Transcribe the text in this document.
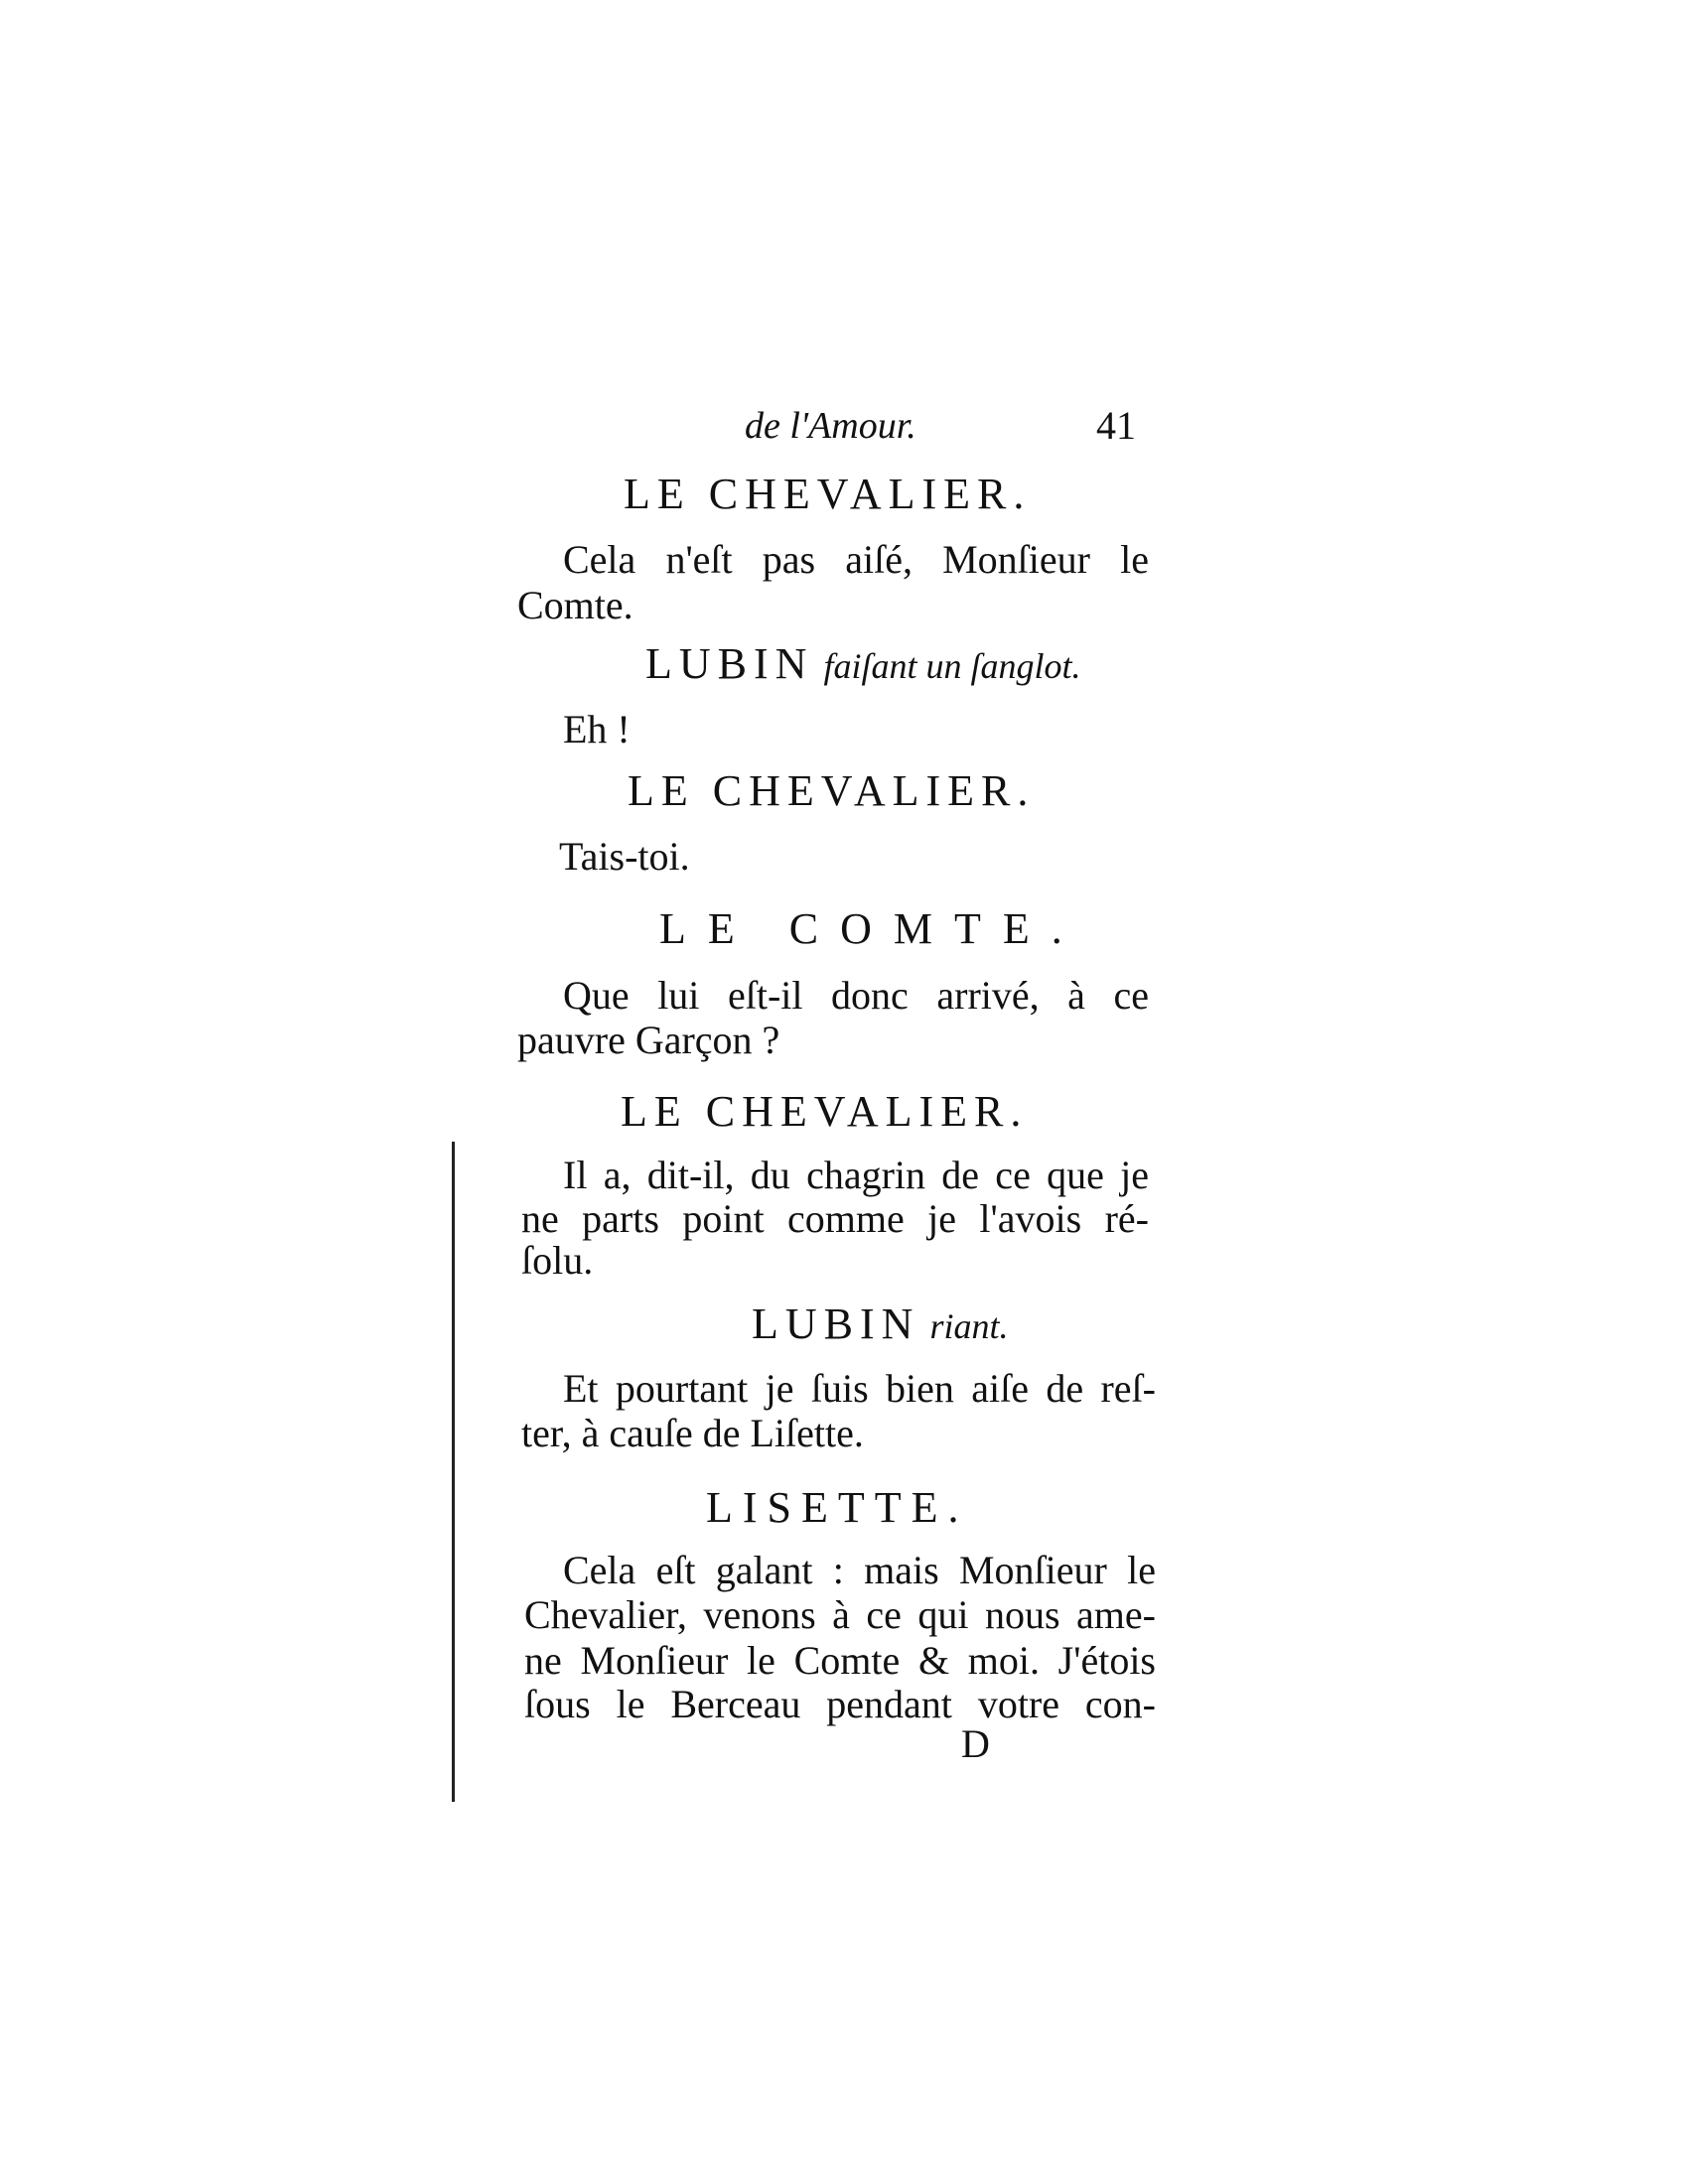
de l'Amour.	41
LE CHEVALIER.
Cela n'eſt pas aiſé, Monſieur le
Comte.
LUBIN faiſant un ſanglot.
Eh !
LE CHEVALIER.
Tais-toi.
LE COMTE.
Que lui eſt-il donc arrivé, à ce
pauvre Garçon ?
LE CHEVALIER.
Il a, dit-il, du chagrin de ce que je
ne parts point comme je l'avois ré-
ſolu.
LUBIN riant.
Et pourtant je ſuis bien aiſe de reſ-
ter, à cauſe de Liſette.
LISETTE.
Cela eſt galant : mais Monſieur le
Chevalier, venons à ce qui nous ame-
ne Monſieur le Comte & moi. J'étois
ſous le Berceau pendant votre con-
D
